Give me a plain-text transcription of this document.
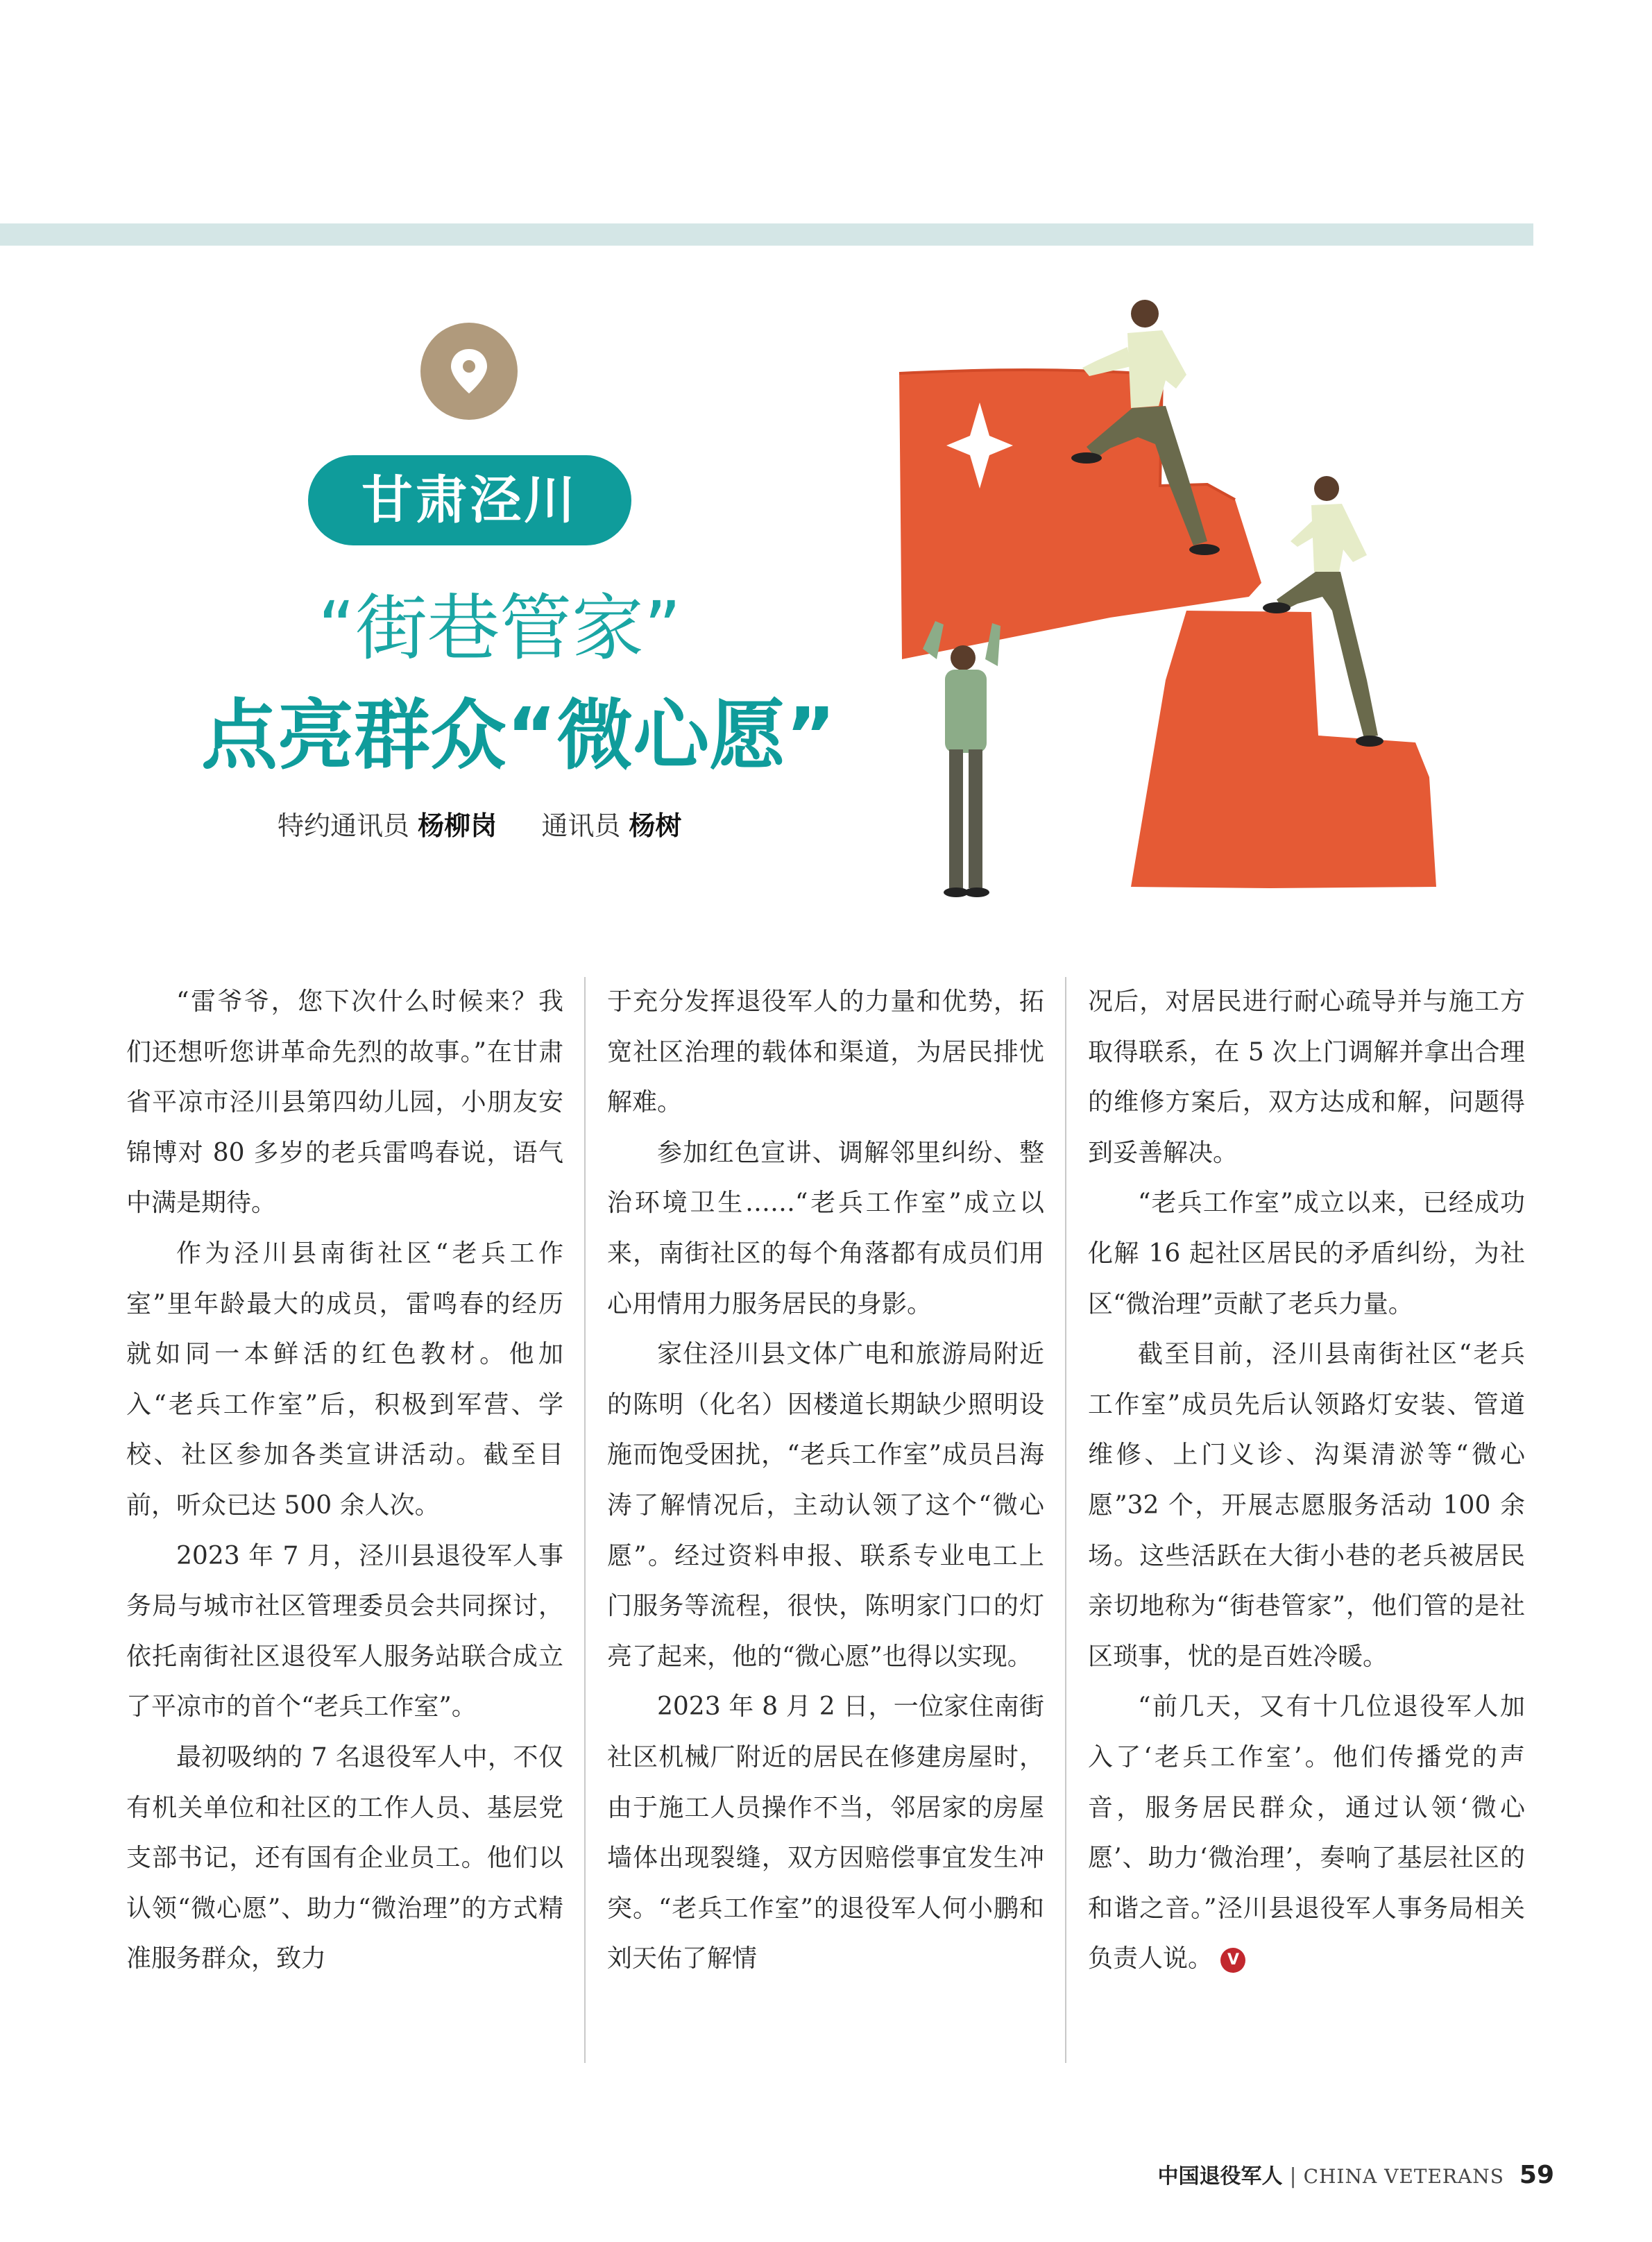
甘肃泾川
“街巷管家”
点亮群众“微心愿”
特约通讯员 杨柳岗 通讯员 杨树

“雷爷爷，您下次什么时候来？我们还想听您讲革命先烈的故事。”在甘肃省平凉市泾川县第四幼儿园，小朋友安锦博对 80 多岁的老兵雷鸣春说，语气中满是期待。

作为泾川县南街社区“老兵工作室”里年龄最大的成员，雷鸣春的经历就如同一本鲜活的红色教材。他加入“老兵工作室”后，积极到军营、学校、社区参加各类宣讲活动。截至目前，听众已达 500 余人次。

2023 年 7 月，泾川县退役军人事务局与城市社区管理委员会共同探讨，依托南街社区退役军人服务站联合成立了平凉市的首个“老兵工作室”。

最初吸纳的 7 名退役军人中，不仅有机关单位和社区的工作人员、基层党支部书记，还有国有企业员工。他们以认领“微心愿”、助力“微治理”的方式精准服务群众，致力

于充分发挥退役军人的力量和优势，拓宽社区治理的载体和渠道，为居民排忧解难。

参加红色宣讲、调解邻里纠纷、整治环境卫生……“老兵工作室”成立以来，南街社区的每个角落都有成员们用心用情用力服务居民的身影。

家住泾川县文体广电和旅游局附近的陈明（化名）因楼道长期缺少照明设施而饱受困扰，“老兵工作室”成员吕海涛了解情况后，主动认领了这个“微心愿”。经过资料申报、联系专业电工上门服务等流程，很快，陈明家门口的灯亮了起来，他的“微心愿”也得以实现。

2023 年 8 月 2 日，一位家住南街社区机械厂附近的居民在修建房屋时，由于施工人员操作不当，邻居家的房屋墙体出现裂缝，双方因赔偿事宜发生冲突。“老兵工作室”的退役军人何小鹏和刘天佑了解情

况后，对居民进行耐心疏导并与施工方取得联系，在 5 次上门调解并拿出合理的维修方案后，双方达成和解，问题得到妥善解决。

“老兵工作室”成立以来，已经成功化解 16 起社区居民的矛盾纠纷，为社区“微治理”贡献了老兵力量。

截至目前，泾川县南街社区“老兵工作室”成员先后认领路灯安装、管道维修、上门义诊、沟渠清淤等“微心愿”32 个，开展志愿服务活动 100 余场。这些活跃在大街小巷的老兵被居民亲切地称为“街巷管家”，他们管的是社区琐事，忧的是百姓冷暖。

“前几天，又有十几位退役军人加入了‘老兵工作室’。他们传播党的声音，服务居民群众，通过认领‘微心愿’、助力‘微治理’，奏响了基层社区的和谐之音。”泾川县退役军人事务局相关负责人说。 V

中国退役军人 | CHINA VETERANS 59
